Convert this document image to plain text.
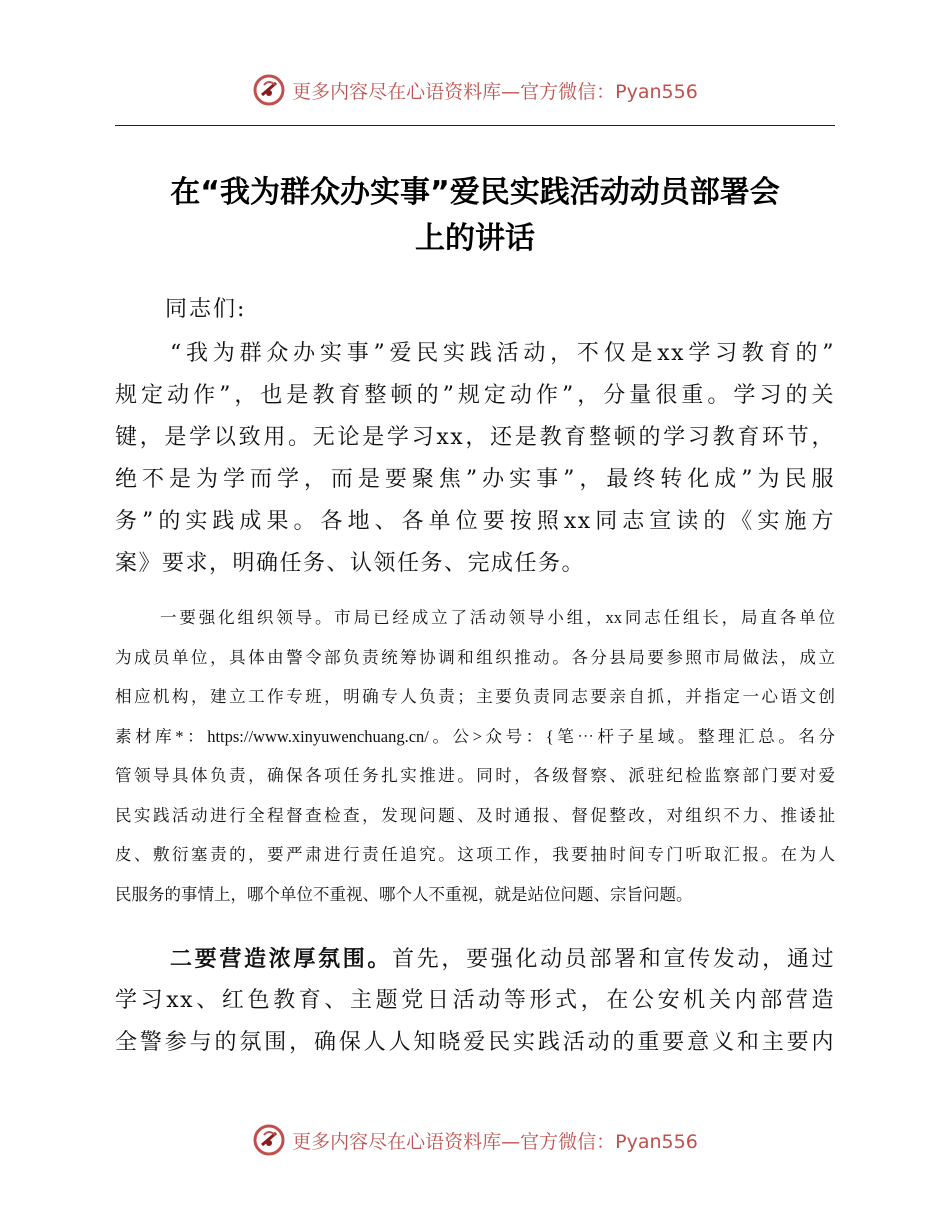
更多内容尽在心语资料库 —官方微信：Pyan556
在“我为群众办实事”爱民实践活动动员部署会
上的讲话
同志们:
“我为群众办实事”爱民实践活动，不仅是xx学习教育的”
规定动作”，也是教育整顿的”规定动作”，分量很重。学习的关
键，是学以致用。无论是学习xx，还是教育整顿的学习教育环节，
绝不是为学而学，而是要聚焦”办实事”，最终转化成”为民服
务”的实践成果。各地、各单位要按照xx同志宣读的《实施方
案》要求，明确任务、认领任务、完成任务。
一要强化组织领导。市局已经成立了活动领导小组，xx同志任组长，局直各单位
为成员单位，具体由警令部负责统筹协调和组织推动。各分县局要参照市局做法，成立
相应机构，建立工作专班，明确专人负责；主要负责同志要亲自抓，并指定一心语文创
素材库*：https://www.xinyuwenchuang.cn/。公>众号：{笔⋯杆子星域。整理汇总。名分
管领导具体负责，确保各项任务扎实推进。同时，各级督察、派驻纪检监察部门要对爱
民实践活动进行全程督查检查，发现问题、及时通报、督促整改，对组织不力、推诿扯
皮、敷衍塞责的，要严肃进行责任追究。这项工作，我要抽时间专门听取汇报。在为人
民服务的事情上，哪个单位不重视、哪个人不重视，就是站位问题、宗旨问题。
二要营造浓厚氛围。首先，要强化动员部署和宣传发动，通过
学习xx、红色教育、主题党日活动等形式，在公安机关内部营造
全警参与的氛围，确保人人知晓爱民实践活动的重要意义和主要内
更多内容尽在心语资料库 —官方微信：Pyan556
